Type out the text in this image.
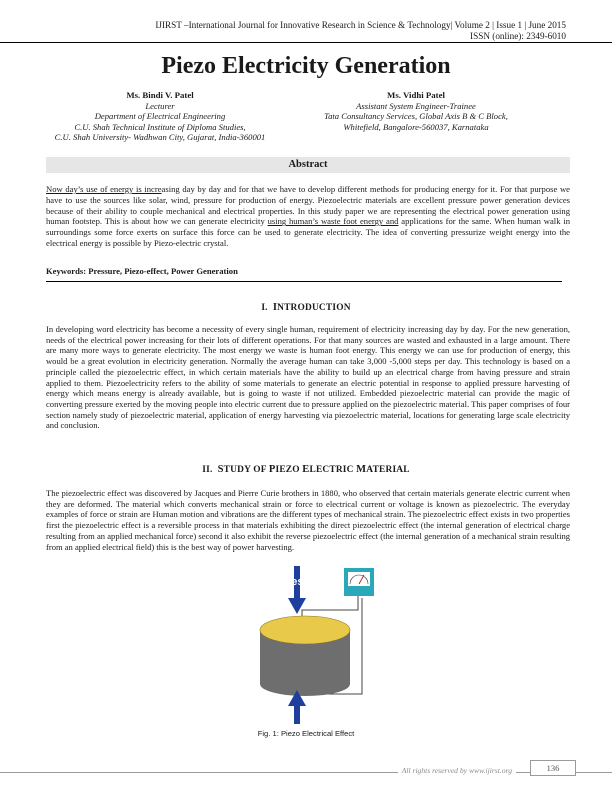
IJIRST –International Journal for Innovative Research in Science & Technology| Volume 2 | Issue 1 | June 2015
ISSN (online): 2349-6010
Piezo Electricity Generation
Ms. Bindi V. Patel
Lecturer
Department of Electrical Engineering
C.U. Shah Technical Institute of Diploma Studies,
C.U. Shah University- Wadhwan City, Gujarat, India-360001
Ms. Vidhi Patel
Assistant System Engineer-Trainee
Tata Consultancy Services, Global Axis B & C Block,
Whitefield, Bangalore-560037, Karnataka
Abstract
Now day’s use of energy is increasing day by day and for that we have to develop different methods for producing energy for it. For that purpose we have to use the sources like solar, wind, pressure for production of energy. Piezoelectric materials are excellent pressure power generation devices because of their ability to couple mechanical and electrical properties. In this study paper we are representing the electrical power generation using human footstep. This is about how we can generate electricity using human’s waste foot energy and applications for the same. When human walk in surroundings some force exerts on surface this force can be used to generate electricity. The idea of converting pressurize weight energy into the electrical energy is possible by Piezo-electric crystal.
Keywords: Pressure, Piezo-effect, Power Generation
I. INTRODUCTION
In developing word electricity has become a necessity of every single human, requirement of electricity increasing day by day. For the new generation, needs of the electrical power increasing for their lots of different operations. For that many sources are wasted and exhausted in a large amount. There are many more ways to generate electricity. The most energy we waste is human foot energy. This energy we can use for production of energy, this would be a great evolution in electricity generation. Normally the average human can take 3,000 -5,000 steps per day. This technology is based on a principle called the piezoelectric effect, in which certain materials have the ability to build up an electrical charge from having pressure and strain applied to them. Piezoelectricity refers to the ability of some materials to generate an electric potential in response to applied pressure harvesting of energy which means energy is already available, but is going to waste if not utilized. Embedded piezoelectric material can provide the magic of converting pressure exerted by the moving people into electric current due to pressure applied on the piezoelectric material. This paper comprises of four section namely study of piezoelectric material, application of energy harvesting via piezoelectric material, locations for generating large scale electricity and conclusion.
II. STUDY OF PIEZO ELECTRIC MATERIAL
The piezoelectric effect was discovered by Jacques and Pierre Curie brothers in 1880, who observed that certain materials generate electric current when they are deformed. The material which converts mechanical strain or force to electrical current or voltage is known as piezoelectric. The everyday examples of force or strain are Human motion and vibrations are the different types of mechanical strain. The piezoelectric effect exists in two properties first the piezoelectric effect is a reversible process in that materials exhibiting the direct piezoelectric effect (the internal generation of electrical charge resulting from an applied mechanical force) second it also exhibit the reverse piezoelectric effect (the internal generation of a mechanical strain resulting from an applied electrical field) this is the best way of power harvesting.
Stress
Fig. 1: Piezo Electrical Effect
All rights reserved by www.ijirst.org	136
